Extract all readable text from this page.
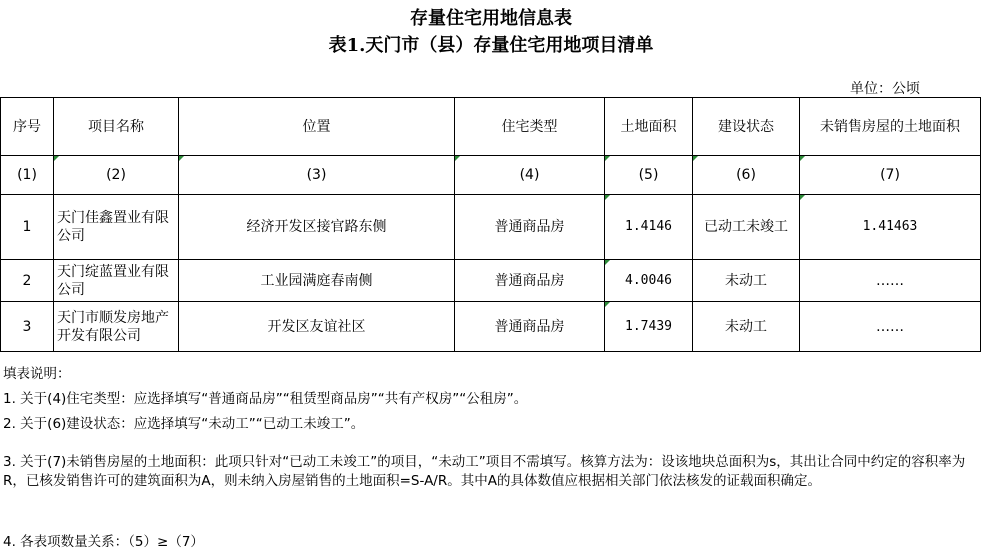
存量住宅用地信息表
表1.天门市（县）存量住宅用地项目清单
单位：公顷
序号	项目名称	位置	住宅类型	土地面积	建设状态	未销售房屋的土地面积
(1)	(2)	(3)	(4)	(5)	(6)	(7)
1	天门佳鑫置业有限公司	经济开发区接官路东侧	普通商品房	1.4146	已动工未竣工	1.41463
2	天门绽蓝置业有限公司	工业园满庭春南侧	普通商品房	4.0046	未动工	……
3	天门市顺发房地产开发有限公司	开发区友谊社区	普通商品房	1.7439	未动工	……
填表说明：
1. 关于(4)住宅类型：应选择填写“普通商品房”“租赁型商品房”“共有产权房”“公租房”。
2. 关于(6)建设状态：应选择填写“未动工”“已动工未竣工”。
3. 关于(7)未销售房屋的土地面积：此项只针对“已动工未竣工”的项目，“未动工”项目不需填写。核算方法为：设该地块总面积为s，其出让合同中约定的容积率为R，已核发销售许可的建筑面积为A，则未纳入房屋销售的土地面积=S-A/R。其中A的具体数值应根据相关部门依法核发的证载面积确定。
4. 各表项数量关系：（5）≥（7）
